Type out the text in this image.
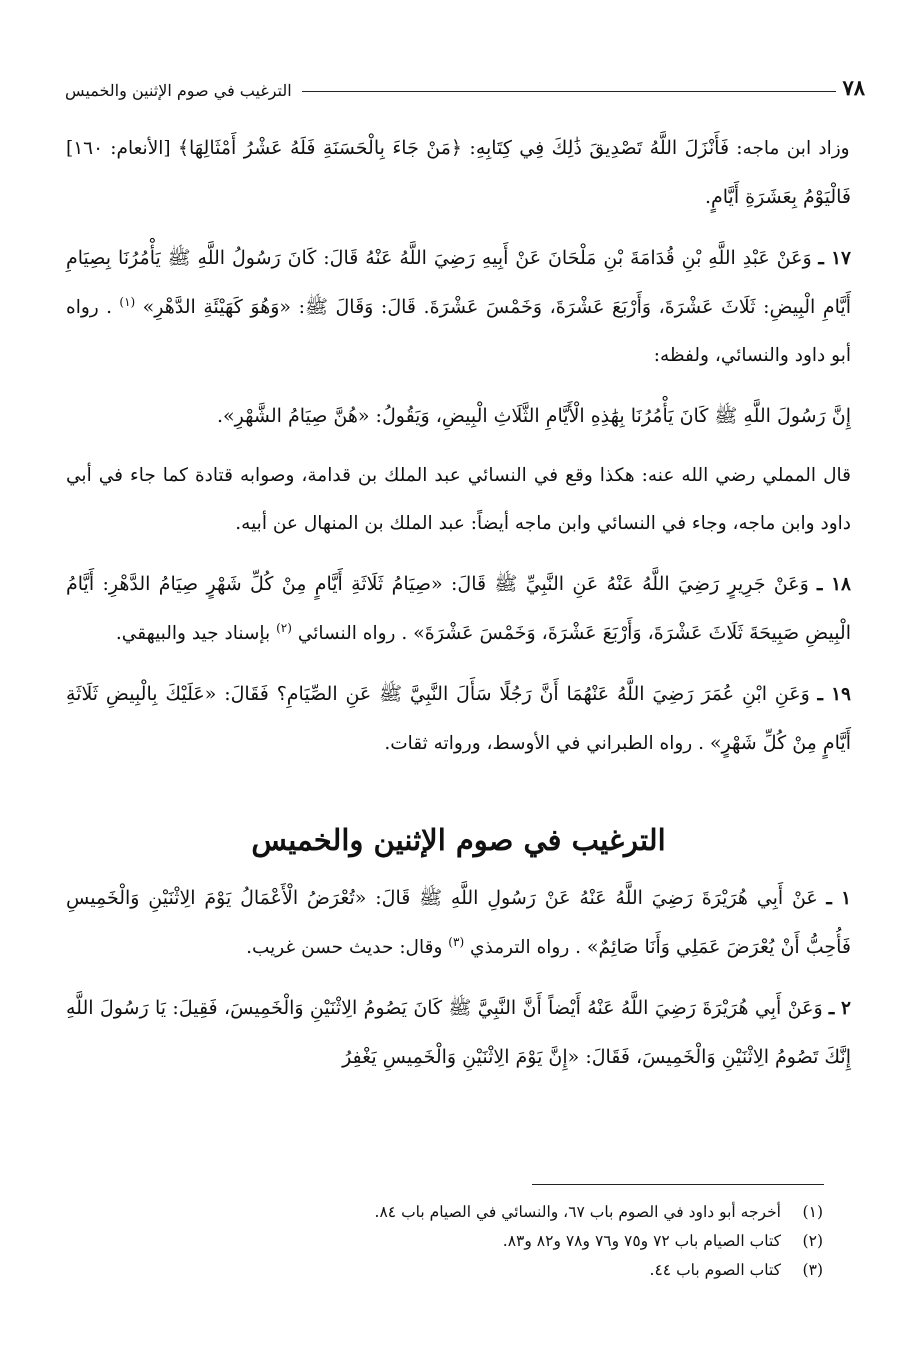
٧٨
الترغيب في صوم الإثنين والخميس

وزاد ابن ماجه: فَأَنْزَلَ اللَّهُ تَصْدِيقَ ذَٰلِكَ فِي كِتَابِهِ: ﴿مَنْ جَاءَ بِالْحَسَنَةِ فَلَهُ عَشْرُ أَمْثَالِهَا﴾ [الأنعام: ١٦٠] فَالْيَوْمُ بِعَشَرَةِ أَيَّامٍ.

١٧ ـ وَعَنْ عَبْدِ اللَّهِ بْنِ قُدَامَةَ بْنِ مَلْحَانَ عَنْ أَبِيهِ رَضِيَ اللَّهُ عَنْهُ قَالَ: كَانَ رَسُولُ اللَّهِ ﷺ يَأْمُرُنَا بِصِيَامِ أَيَّامِ الْبِيضِ: ثَلَاثَ عَشْرَةَ، وَأَرْبَعَ عَشْرَةَ، وَخَمْسَ عَشْرَةَ. قَالَ: وَقَالَ ﷺ: «وَهُوَ كَهَيْئَةِ الدَّهْرِ» $^{(١)}$ . رواه أبو داود والنسائي، ولفظه:

إِنَّ رَسُولَ اللَّهِ ﷺ كَانَ يَأْمُرُنَا بِهَٰذِهِ الْأَيَّامِ الثَّلَاثِ الْبِيضِ، وَيَقُولُ: «هُنَّ صِيَامُ الشَّهْرِ».

قال المملي رضي الله عنه: هكذا وقع في النسائي عبد الملك بن قدامة، وصوابه قتادة كما جاء في أبي داود وابن ماجه، وجاء في النسائي وابن ماجه أيضاً: عبد الملك بن المنهال عن أبيه.

١٨ ـ وَعَنْ جَرِيرٍ رَضِيَ اللَّهُ عَنْهُ عَنِ النَّبِيِّ ﷺ قَالَ: «صِيَامُ ثَلَاثَةِ أَيَّامٍ مِنْ كُلِّ شَهْرٍ صِيَامُ الدَّهْرِ: أَيَّامُ الْبِيضِ صَبِيحَةَ ثَلَاثَ عَشْرَةَ، وَأَرْبَعَ عَشْرَةَ، وَخَمْسَ عَشْرَةَ» . رواه النسائي $^{(٢)}$ بإسناد جيد والبيهقي.

١٩ ـ وَعَنِ ابْنِ عُمَرَ رَضِيَ اللَّهُ عَنْهُمَا أَنَّ رَجُلًا سَأَلَ النَّبِيَّ ﷺ عَنِ الصِّيَامِ؟ فَقَالَ: «عَلَيْكَ بِالْبِيضِ ثَلَاثَةِ أَيَّامٍ مِنْ كُلِّ شَهْرٍ» . رواه الطبراني في الأوسط، ورواته ثقات.

الترغيب في صوم الإثنين والخميس

١ ـ عَنْ أَبِي هُرَيْرَةَ رَضِيَ اللَّهُ عَنْهُ عَنْ رَسُولِ اللَّهِ ﷺ قَالَ: «تُعْرَضُ الْأَعْمَالُ يَوْمَ الِاثْنَيْنِ وَالْخَمِيسِ فَأُحِبُّ أَنْ يُعْرَضَ عَمَلِي وَأَنَا صَائِمٌ» . رواه الترمذي $^{(٣)}$ وقال: حديث حسن غريب.

٢ ـ وَعَنْ أَبِي هُرَيْرَةَ رَضِيَ اللَّهُ عَنْهُ أَيْضاً أَنَّ النَّبِيَّ ﷺ كَانَ يَصُومُ الِاثْنَيْنِ وَالْخَمِيسَ، فَقِيلَ: يَا رَسُولَ اللَّهِ إِنَّكَ تَصُومُ الِاثْنَيْنِ وَالْخَمِيسَ، فَقَالَ: «إِنَّ يَوْمَ الِاثْنَيْنِ وَالْخَمِيسِ يَغْفِرُ

(١)أخرجه أبو داود في الصوم باب ٦٧، والنسائي في الصيام باب ٨٤.
(٢)كتاب الصيام باب ٧٢ و٧٥ و٧٦ و٧٨ و٨٢ و٨٣.
(٣)كتاب الصوم باب ٤٤.
